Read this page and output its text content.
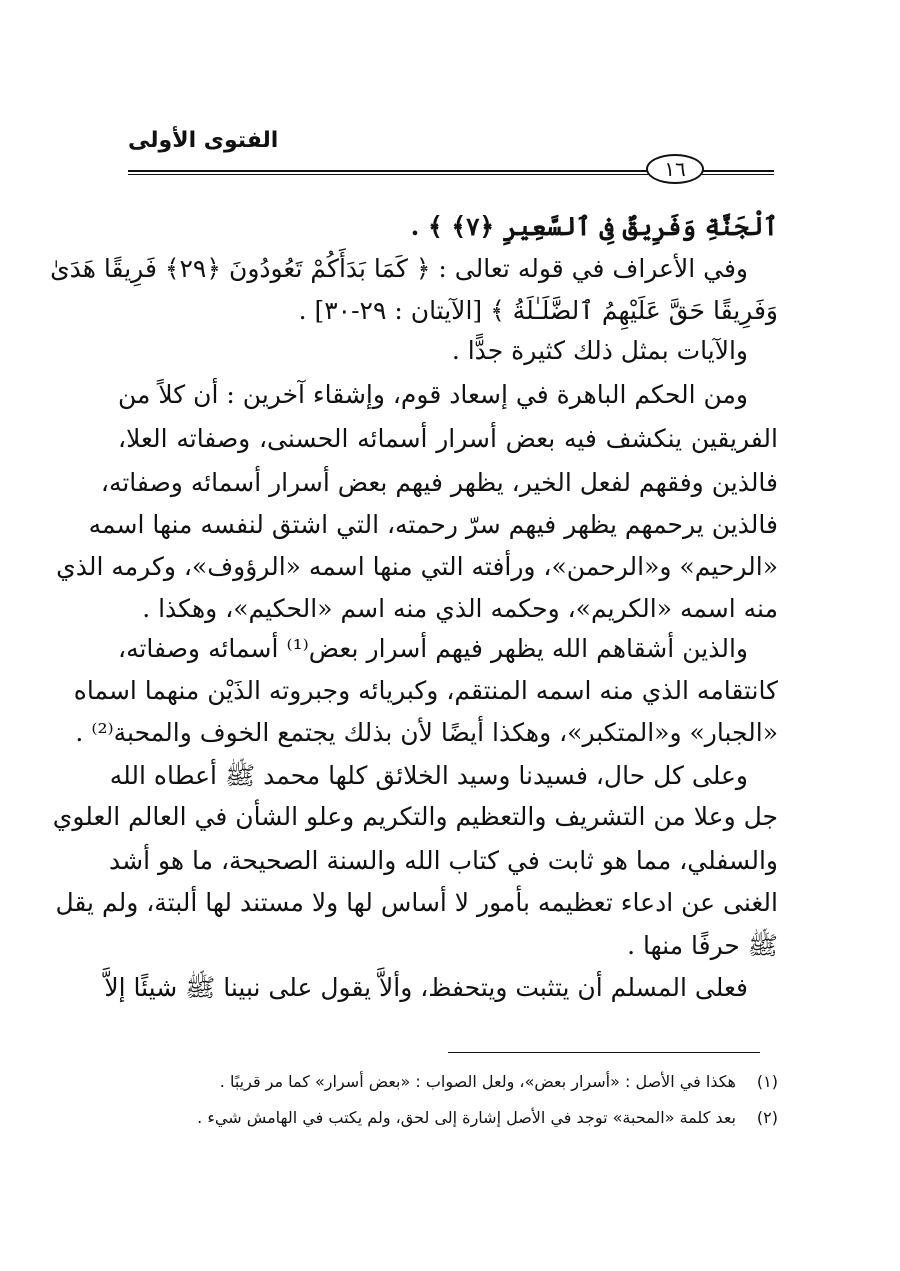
الفتوى الأولى
١٦
ٱلْجَنَّةِ وَفَرِيقٌ فِى ٱلسَّعِيرِ ﴿٧﴾ ﴾ .
وفي الأعراف في قوله تعالى : ﴿ كَمَا بَدَأَكُمْ تَعُودُونَ ﴿٢٩﴾ فَرِيقًا هَدَىٰ
وَفَرِيقًا حَقَّ عَلَيْهِمُ ٱلضَّلَـٰلَةُ ﴾ [الآيتان : ٢٩-٣٠] .
والآيات بمثل ذلك كثيرة جدًّا .
ومن الحكم الباهرة في إسعاد قوم، وإشقاء آخرين : أن كلاً من
الفريقين ينكشف فيه بعض أسرار أسمائه الحسنى، وصفاته العلا،
فالذين وفقهم لفعل الخير، يظهر فيهم بعض أسرار أسمائه وصفاته،
فالذين يرحمهم يظهر فيهم سرّ رحمته، التي اشتق لنفسه منها اسمه
«الرحيم» و«الرحمن»، ورأفته التي منها اسمه «الرؤوف»، وكرمه الذي
منه اسمه «الكريم»، وحكمه الذي منه اسم «الحكيم»، وهكذا .
والذين أشقاهم الله يظهر فيهم أسرار بعض⁽¹⁾ أسمائه وصفاته،
كانتقامه الذي منه اسمه المنتقم، وكبريائه وجبروته الذَيْن منهما اسماه
«الجبار» و«المتكبر»، وهكذا أيضًا لأن بذلك يجتمع الخوف والمحبة⁽²⁾ .
وعلى كل حال، فسيدنا وسيد الخلائق كلها محمد ﷺ أعطاه الله
جل وعلا من التشريف والتعظيم والتكريم وعلو الشأن في العالم العلوي
والسفلي، مما هو ثابت في كتاب الله والسنة الصحيحة، ما هو أشد
الغنى عن ادعاء تعظيمه بأمور لا أساس لها ولا مستند لها ألبتة، ولم يقل
ﷺ حرفًا منها .
فعلى المسلم أن يتثبت ويتحفظ، وألاَّ يقول على نبينا ﷺ شيئًا إلاَّ
(١)هكذا في الأصل : «أسرار بعض»، ولعل الصواب : «بعض أسرار» كما مر قريبًا .
(٢)بعد كلمة «المحبة» توجد في الأصل إشارة إلى لحق، ولم يكتب في الهامش شيء .
